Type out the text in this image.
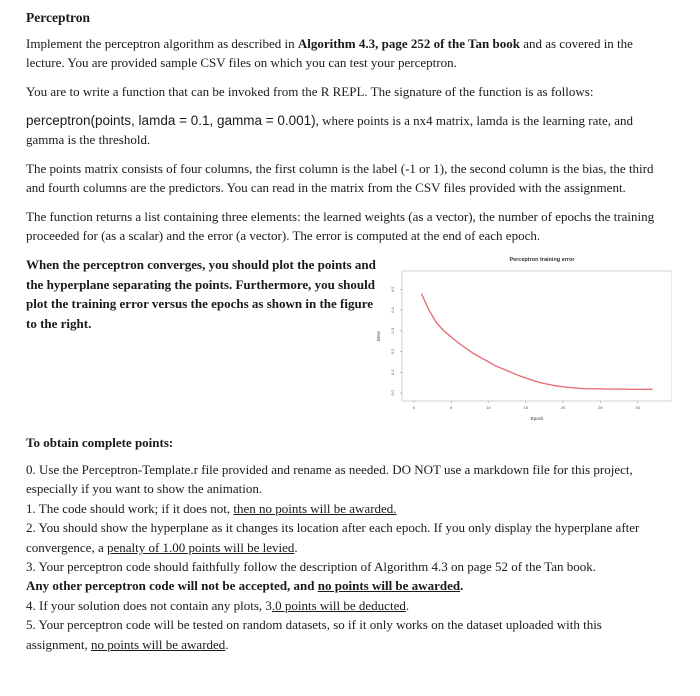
Perceptron

Implement the perceptron algorithm as described in Algorithm 4.3, page 252 of the Tan book and as covered in the lecture. You are provided sample CSV files on which you can test your perceptron.

You are to write a function that can be invoked from the R REPL. The signature of the function is as follows:

perceptron(points, lamda = 0.1, gamma = 0.001), where points is a nx4 matrix, lamda is the learning rate, and gamma is the threshold.

The points matrix consists of four columns, the first column is the label (-1 or 1), the second column is the bias, the third and fourth columns are the predictors. You can read in the matrix from the CSV files provided with the assignment.

The function returns a list containing three elements: the learned weights (as a vector), the number of epochs the training proceeded for (as a scalar) and the error (a vector). The error is computed at the end of each epoch.

When the perceptron converges, you should plot the points and the hyperplane separating the points. Furthermore, you should plot the training error versus the epochs as shown in the figure to the right.
Perceptron training error
0.0
0.1
0.2
0.3
0.4
0.5
0	5	10	15	20	25	30
Epoch
Error
To obtain complete points:
0. Use the Perceptron-Template.r file provided and rename as needed. DO NOT use a markdown file for this project, especially if you want to show the animation.
1. The code should work; if it does not, then no points will be awarded.
2. You should show the hyperplane as it changes its location after each epoch. If you only display the hyperplane after convergence, a penalty of 1.00 points will be levied.
3. Your perceptron code should faithfully follow the description of Algorithm 4.3 on page 52 of the Tan book.
Any other perceptron code will not be accepted, and no points will be awarded.
4. If your solution does not contain any plots, 3.0 points will be deducted.
5. Your perceptron code will be tested on random datasets, so if it only works on the dataset uploaded with this assignment, no points will be awarded.
